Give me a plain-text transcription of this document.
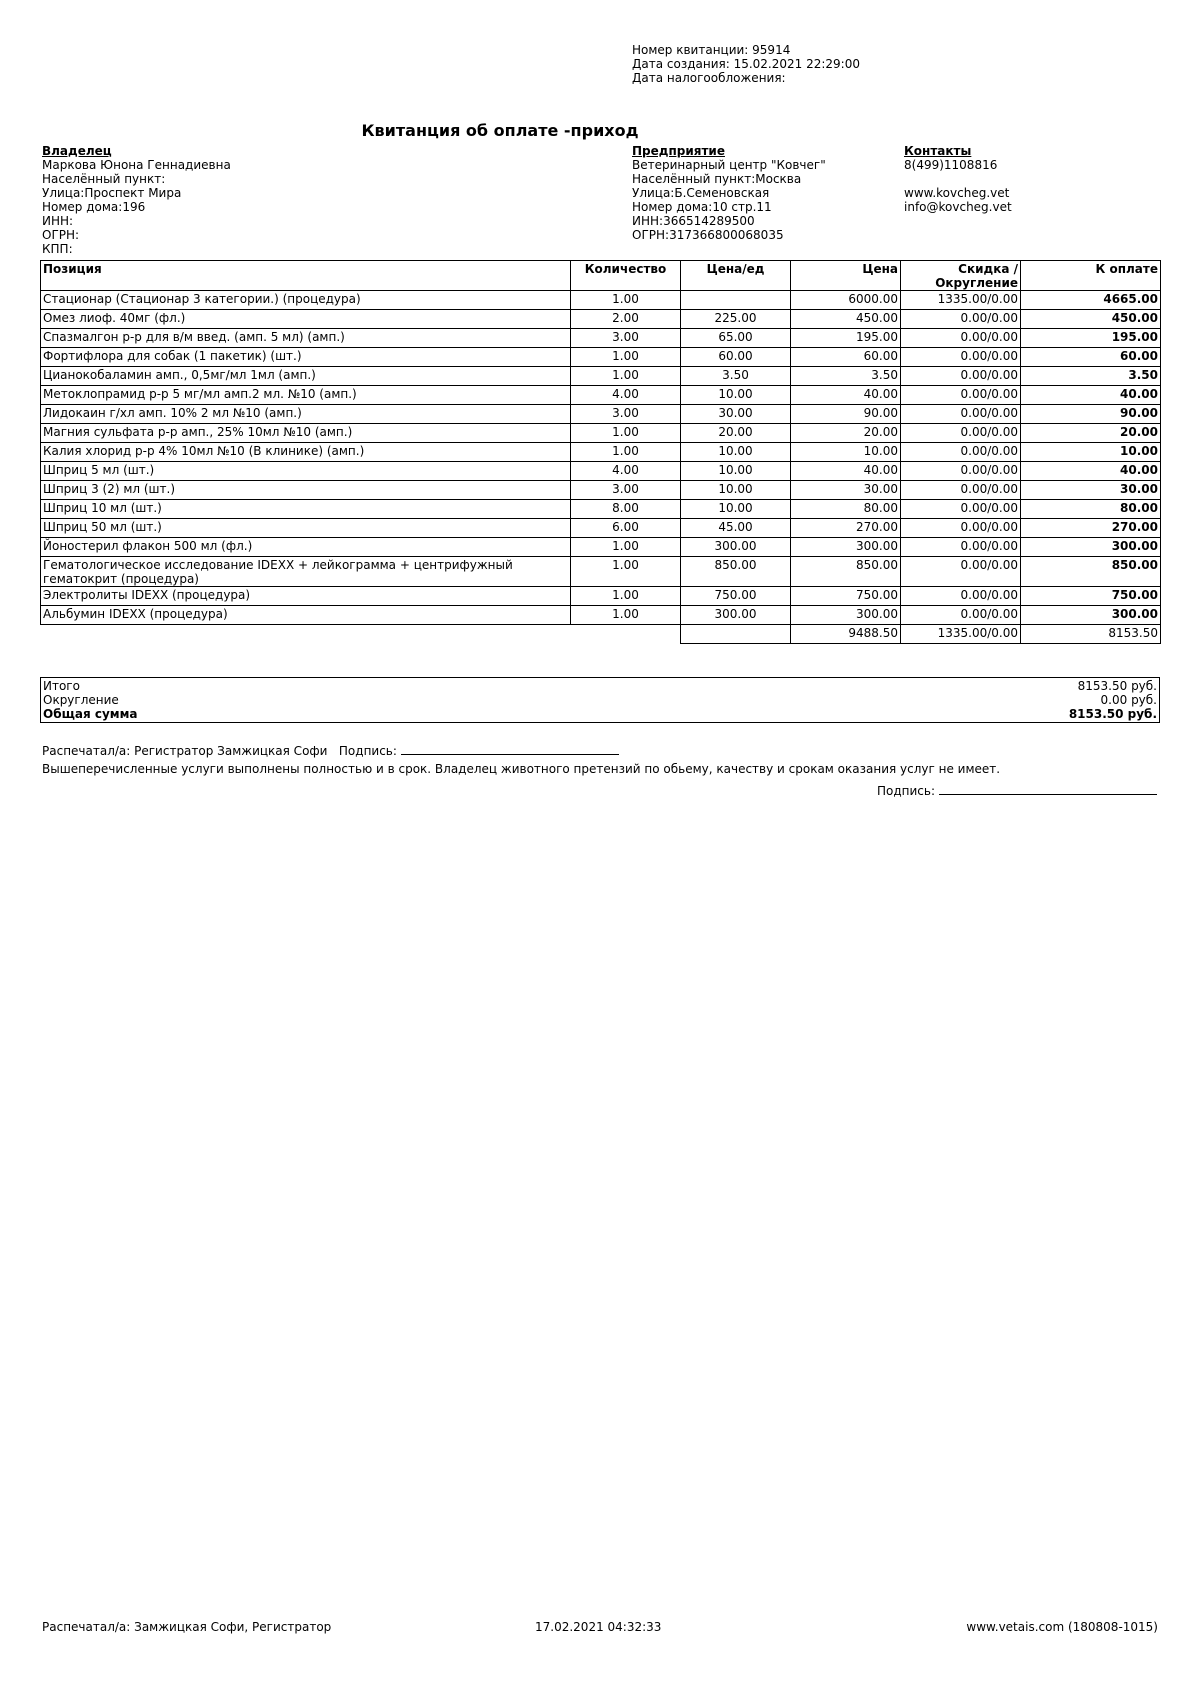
Номер квитанции: 95914
Дата создания: 15.02.2021 22:29:00
Дата налогообложения:
Квитанция об оплате -приход
Владелец
Маркова Юнона Геннадиевна
Населённый пункт:
Улица:Проспект Мира
Номер дома:196
ИНН:
ОГРН:
КПП:
Предприятие
Ветеринарный центр "Ковчег"
Населённый пункт:Москва
Улица:Б.Семеновская
Номер дома:10 стр.11
ИНН:366514289500
ОГРН:317366800068035
Контакты
8(499)1108816
www.kovcheg.vet
info@kovcheg.vet
Позиция	Количество	Цена/ед	Цена	Скидка / Округление	К оплате
Стационар (Стационар 3 категории.) (процедура)	1.00		6000.00	1335.00/0.00	4665.00
Омез лиоф. 40мг (фл.)	2.00	225.00	450.00	0.00/0.00	450.00
Спазмалгон р-р для в/м введ. (амп. 5 мл) (амп.)	3.00	65.00	195.00	0.00/0.00	195.00
Фортифлора для собак (1 пакетик) (шт.)	1.00	60.00	60.00	0.00/0.00	60.00
Цианокобаламин амп., 0,5мг/мл 1мл (амп.)	1.00	3.50	3.50	0.00/0.00	3.50
Метоклопрамид р-р 5 мг/мл амп.2 мл. №10 (амп.)	4.00	10.00	40.00	0.00/0.00	40.00
Лидокаин г/хл амп. 10% 2 мл №10 (амп.)	3.00	30.00	90.00	0.00/0.00	90.00
Магния сульфата р-р амп., 25% 10мл №10 (амп.)	1.00	20.00	20.00	0.00/0.00	20.00
Калия хлорид р-р 4% 10мл №10 (В клинике) (амп.)	1.00	10.00	10.00	0.00/0.00	10.00
Шприц 5 мл (шт.)	4.00	10.00	40.00	0.00/0.00	40.00
Шприц 3 (2) мл (шт.)	3.00	10.00	30.00	0.00/0.00	30.00
Шприц 10 мл (шт.)	8.00	10.00	80.00	0.00/0.00	80.00
Шприц 50 мл (шт.)	6.00	45.00	270.00	0.00/0.00	270.00
Йоностерил флакон 500 мл (фл.)	1.00	300.00	300.00	0.00/0.00	300.00
Гематологическое исследование IDEXX + лейкограмма + центрифужный гематокрит (процедура)	1.00	850.00	850.00	0.00/0.00	850.00
Электролиты IDEXX (процедура)	1.00	750.00	750.00	0.00/0.00	750.00
Альбумин IDEXX (процедура)	1.00	300.00	300.00	0.00/0.00	300.00
			9488.50	1335.00/0.00	8153.50
Итого	8153.50 руб.
Округление	0.00 руб.
Общая сумма	8153.50 руб.
Распечатал/а: Регистратор Замжицкая Софи   Подпись:
Вышеперечисленные услуги выполнены полностью и в срок. Владелец животного претензий по обьему, качеству и срокам оказания услуг не имеет.
Подпись:
Распечатал/а: Замжицкая Софи, Регистратор	17.02.2021 04:32:33	www.vetais.com (180808-1015)
